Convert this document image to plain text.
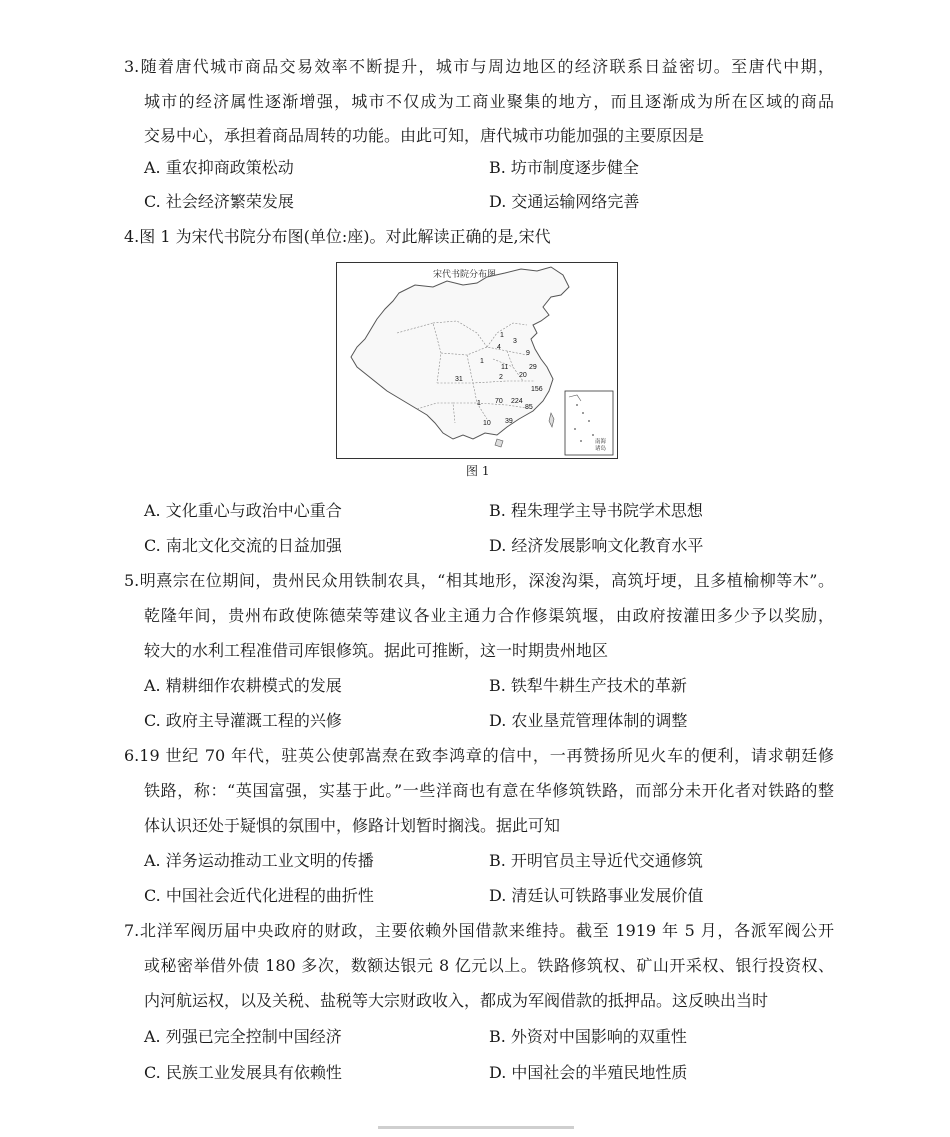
3.随着唐代城市商品交易效率不断提升，城市与周边地区的经济联系日益密切。至唐代中期，
城市的经济属性逐渐增强，城市不仅成为工商业聚集的地方，而且逐渐成为所在区域的商品
交易中心，承担着商品周转的功能。由此可知，唐代城市功能加强的主要原因是
A. 重农抑商政策松动	B. 坊市制度逐步健全
C. 社会经济繁荣发展	D. 交通运输网络完善
4.图 1 为宋代书院分布图(单位:座)。对此解读正确的是,宋代
宋代书院分布图
1
3
4
9
1
11
20
29
31
156
1 70 224
85
10 39
2
南海
诸岛
图 1
A. 文化重心与政治中心重合	B. 程朱理学主导书院学术思想
C. 南北文化交流的日益加强	D. 经济发展影响文化教育水平
5.明熹宗在位期间，贵州民众用铁制农具，“相其地形，深浚沟渠，高筑圩埂，且多植榆柳等木”。
乾隆年间，贵州布政使陈德荣等建议各业主通力合作修渠筑堰，由政府按灌田多少予以奖励，
较大的水利工程准借司库银修筑。据此可推断，这一时期贵州地区
A. 精耕细作农耕模式的发展	B. 铁犁牛耕生产技术的革新
C. 政府主导灌溉工程的兴修	D. 农业垦荒管理体制的调整
6.19 世纪 70 年代，驻英公使郭嵩焘在致李鸿章的信中，一再赞扬所见火车的便利，请求朝廷修
铁路，称：“英国富强，实基于此。”一些洋商也有意在华修筑铁路，而部分未开化者对铁路的整
体认识还处于疑惧的氛围中，修路计划暂时搁浅。据此可知
A. 洋务运动推动工业文明的传播	B. 开明官员主导近代交通修筑
C. 中国社会近代化进程的曲折性	D. 清廷认可铁路事业发展价值
7.北洋军阀历届中央政府的财政，主要依赖外国借款来维持。截至 1919 年 5 月，各派军阀公开
或秘密举借外债 180 多次，数额达银元 8 亿元以上。铁路修筑权、矿山开采权、银行投资权、
内河航运权，以及关税、盐税等大宗财政收入，都成为军阀借款的抵押品。这反映出当时
A. 列强已完全控制中国经济	B. 外资对中国影响的双重性
C. 民族工业发展具有依赖性	D. 中国社会的半殖民地性质
